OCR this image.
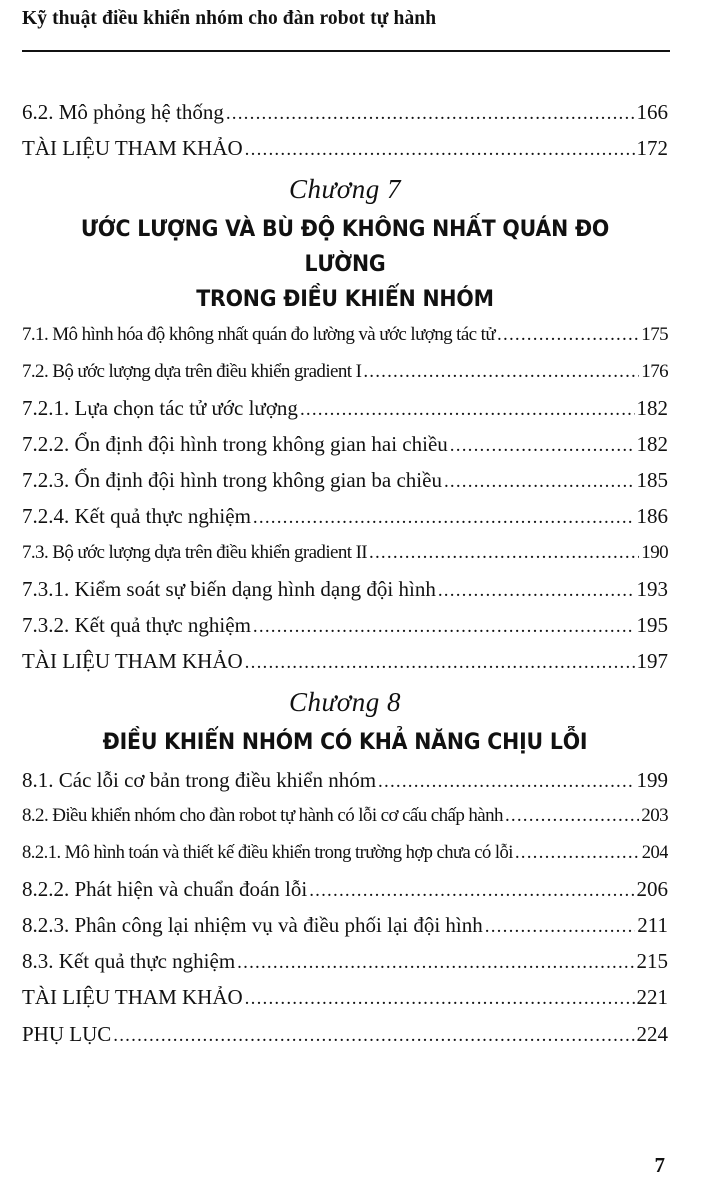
Kỹ thuật điều khiển nhóm cho đàn robot tự hành
6.2. Mô phỏng hệ thống .....	166
TÀI LIỆU THAM KHẢO .....	172
Chương 7
ƯỚC LƯỢNG VÀ BÙ ĐỘ KHÔNG NHẤT QUÁN ĐO LƯỜNG
TRONG ĐIỀU KHIỂN NHÓM
7.1. Mô hình hóa độ không nhất quán đo lường và ước lượng tác tử .....	175
7.2. Bộ ước lượng dựa trên điều khiển gradient I .....	176
7.2.1. Lựa chọn tác tử ước lượng .....	182
7.2.2. Ổn định đội hình trong không gian hai chiều .....	182
7.2.3. Ổn định đội hình trong không gian ba chiều .....	185
7.2.4. Kết quả thực nghiệm .....	186
7.3. Bộ ước lượng dựa trên điều khiển gradient II .....	190
7.3.1. Kiểm soát sự biến dạng hình dạng đội hình .....	193
7.3.2. Kết quả thực nghiệm .....	195
TÀI LIỆU THAM KHẢO .....	197
Chương 8
ĐIỀU KHIỂN NHÓM CÓ KHẢ NĂNG CHỊU LỖI
8.1. Các lỗi cơ bản trong điều khiển nhóm .....	199
8.2. Điều khiển nhóm cho đàn robot tự hành có lỗi cơ cấu chấp hành .....	203
8.2.1. Mô hình toán và thiết kế điều khiển trong trường hợp chưa có lỗi .....	204
8.2.2. Phát hiện và chuẩn đoán lỗi .....	206
8.2.3. Phân công lại nhiệm vụ và điều phối lại đội hình .....	211
8.3. Kết quả thực nghiệm .....	215
TÀI LIỆU THAM KHẢO .....	221
PHỤ LỤC .....	224
7
